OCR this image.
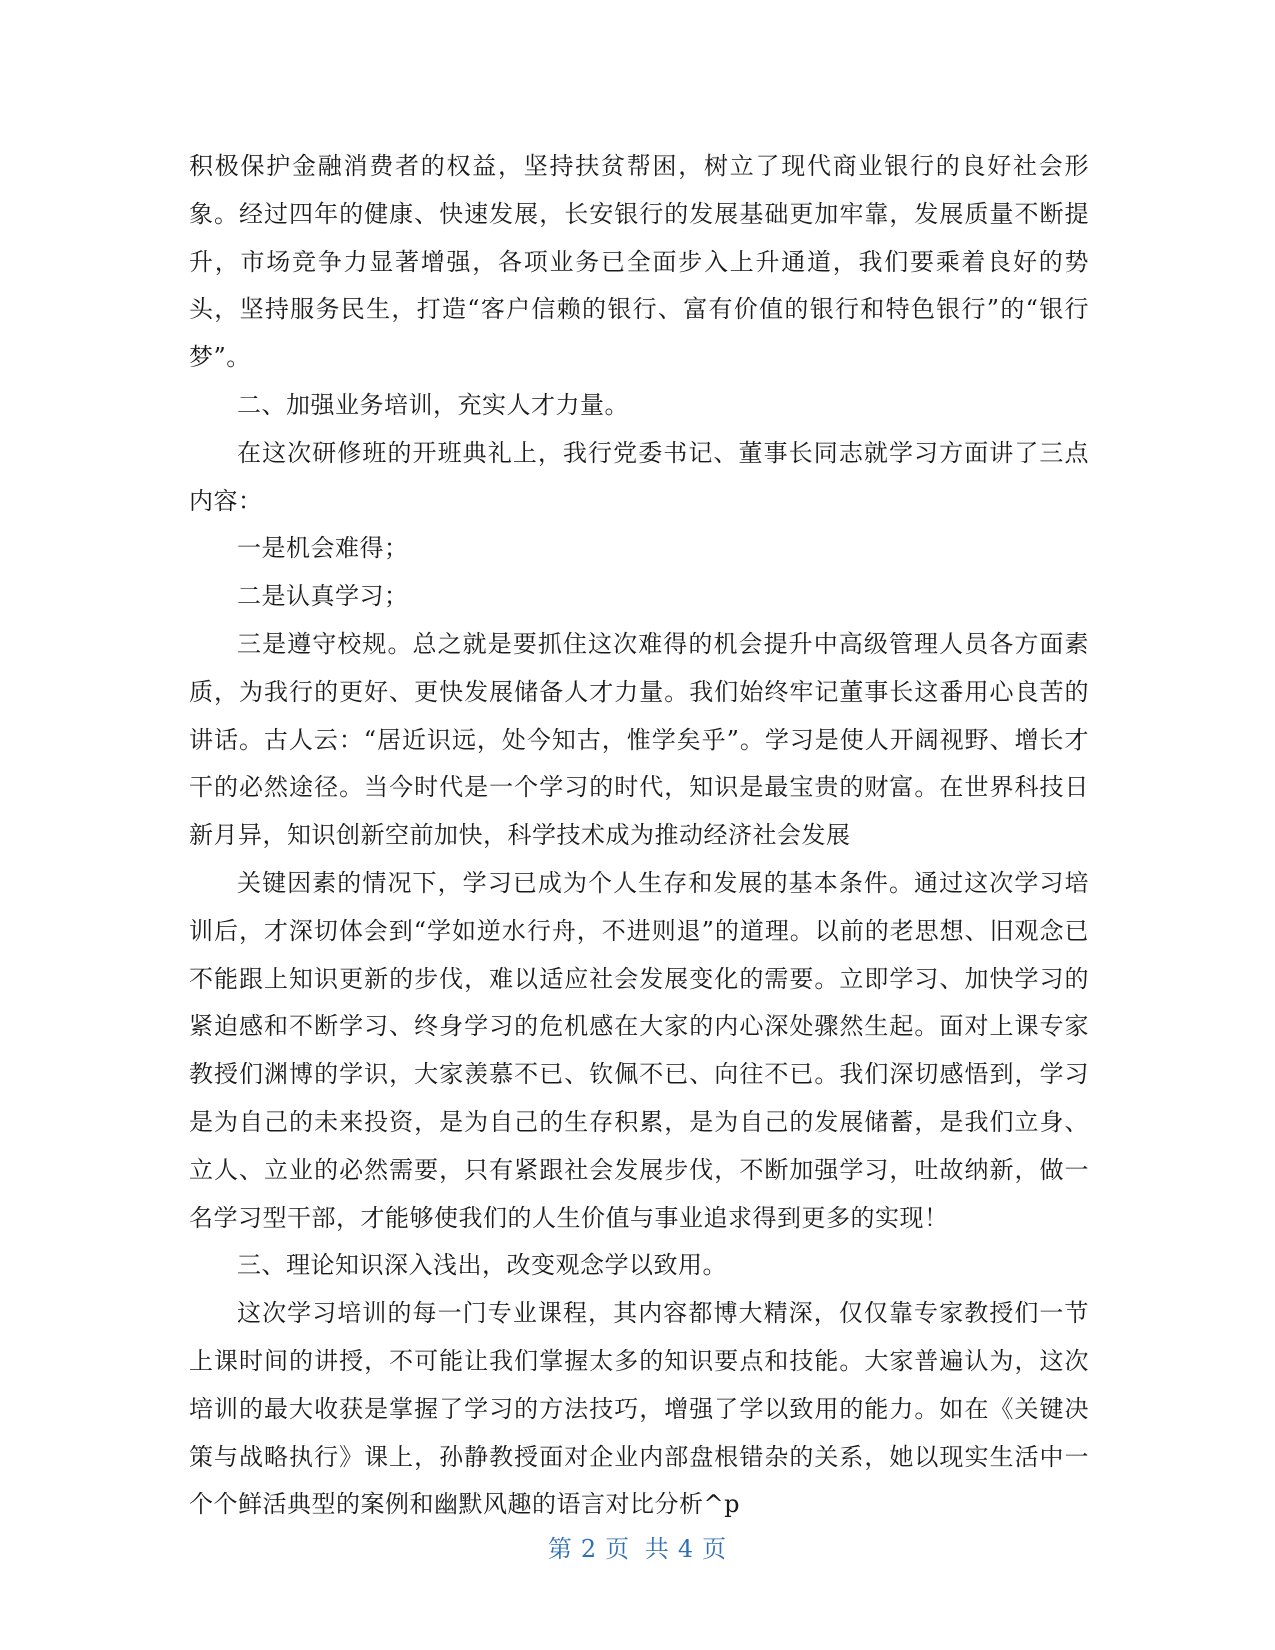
积极保护金融消费者的权益，坚持扶贫帮困，树立了现代商业银行的良好社会形象。经过四年的健康、快速发展，长安银行的发展基础更加牢靠，发展质量不断提升，市场竞争力显著增强，各项业务已全面步入上升通道，我们要乘着良好的势头，坚持服务民生，打造“客户信赖的银行、富有价值的银行和特色银行”的“银行梦”。

二、加强业务培训，充实人才力量。

在这次研修班的开班典礼上，我行党委书记、董事长同志就学习方面讲了三点内容：

一是机会难得；

二是认真学习；

三是遵守校规。总之就是要抓住这次难得的机会提升中高级管理人员各方面素质，为我行的更好、更快发展储备人才力量。我们始终牢记董事长这番用心良苦的讲话。古人云：“居近识远，处今知古，惟学矣乎”。学习是使人开阔视野、增长才干的必然途径。当今时代是一个学习的时代，知识是最宝贵的财富。在世界科技日新月异，知识创新空前加快，科学技术成为推动经济社会发展

关键因素的情况下，学习已成为个人生存和发展的基本条件。通过这次学习培训后，才深切体会到“学如逆水行舟，不进则退”的道理。以前的老思想、旧观念已不能跟上知识更新的步伐，难以适应社会发展变化的需要。立即学习、加快学习的紧迫感和不断学习、终身学习的危机感在大家的内心深处骤然生起。面对上课专家教授们渊博的学识，大家羡慕不已、钦佩不已、向往不已。我们深切感悟到，学习是为自己的未来投资，是为自己的生存积累，是为自己的发展储蓄，是我们立身、立人、立业的必然需要，只有紧跟社会发展步伐，不断加强学习，吐故纳新，做一名学习型干部，才能够使我们的人生价值与事业追求得到更多的实现！

三、理论知识深入浅出，改变观念学以致用。

这次学习培训的每一门专业课程，其内容都博大精深，仅仅靠专家教授们一节上课时间的讲授，不可能让我们掌握太多的知识要点和技能。大家普遍认为，这次培训的最大收获是掌握了学习的方法技巧，增强了学以致用的能力。如在《关键决策与战略执行》课上，孙静教授面对企业内部盘根错杂的关系，她以现实生活中一个个鲜活典型的案例和幽默风趣的语言对比分析^p

第 2 页 共 4 页
